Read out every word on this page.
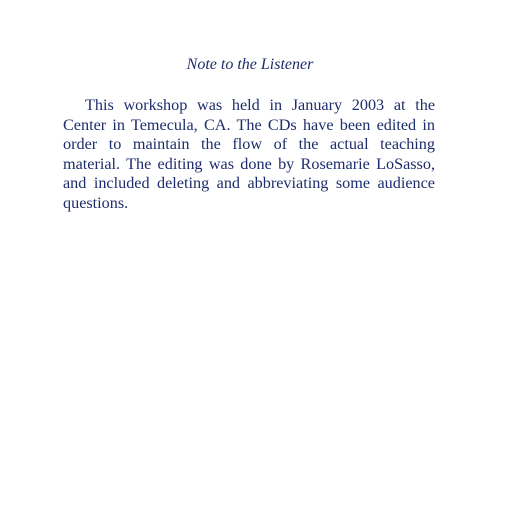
Note to the Listener

This workshop was held in January 2003 at the Center in Temecula, CA. The CDs have been edited in order to maintain the flow of the actual teaching material. The editing was done by Rosemarie LoSasso, and included deleting and abbreviating some audience questions.
